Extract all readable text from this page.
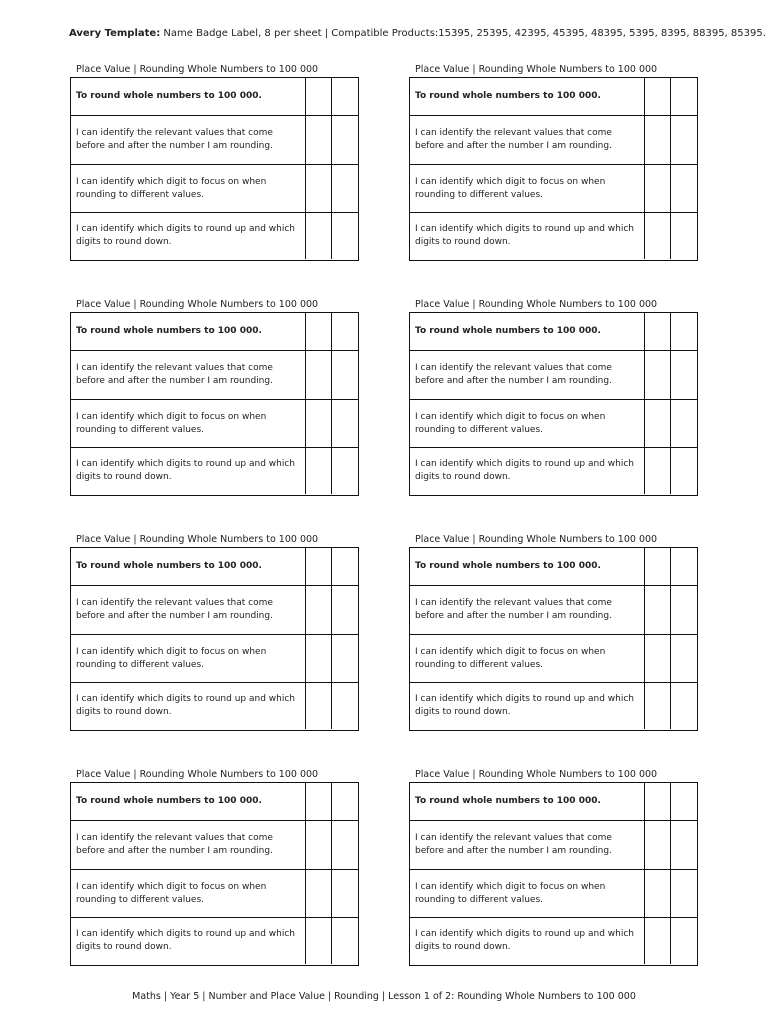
Avery Template: Name Badge Label, 8 per sheet | Compatible Products:15395, 25395, 42395, 45395, 48395, 5395, 8395, 88395, 85395.
Place Value | Rounding Whole Numbers to 100 000
To round whole numbers to 100 000.
I can identify the relevant values that come before and after the number I am rounding.
I can identify which digit to focus on when rounding to different values.
I can identify which digits to round up and which digits to round down.
Place Value | Rounding Whole Numbers to 100 000
To round whole numbers to 100 000.
I can identify the relevant values that come before and after the number I am rounding.
I can identify which digit to focus on when rounding to different values.
I can identify which digits to round up and which digits to round down.
Place Value | Rounding Whole Numbers to 100 000
To round whole numbers to 100 000.
I can identify the relevant values that come before and after the number I am rounding.
I can identify which digit to focus on when rounding to different values.
I can identify which digits to round up and which digits to round down.
Place Value | Rounding Whole Numbers to 100 000
To round whole numbers to 100 000.
I can identify the relevant values that come before and after the number I am rounding.
I can identify which digit to focus on when rounding to different values.
I can identify which digits to round up and which digits to round down.
Place Value | Rounding Whole Numbers to 100 000
To round whole numbers to 100 000.
I can identify the relevant values that come before and after the number I am rounding.
I can identify which digit to focus on when rounding to different values.
I can identify which digits to round up and which digits to round down.
Place Value | Rounding Whole Numbers to 100 000
To round whole numbers to 100 000.
I can identify the relevant values that come before and after the number I am rounding.
I can identify which digit to focus on when rounding to different values.
I can identify which digits to round up and which digits to round down.
Place Value | Rounding Whole Numbers to 100 000
To round whole numbers to 100 000.
I can identify the relevant values that come before and after the number I am rounding.
I can identify which digit to focus on when rounding to different values.
I can identify which digits to round up and which digits to round down.
Place Value | Rounding Whole Numbers to 100 000
To round whole numbers to 100 000.
I can identify the relevant values that come before and after the number I am rounding.
I can identify which digit to focus on when rounding to different values.
I can identify which digits to round up and which digits to round down.
Maths | Year 5 | Number and Place Value | Rounding | Lesson 1 of 2: Rounding Whole Numbers to 100 000
